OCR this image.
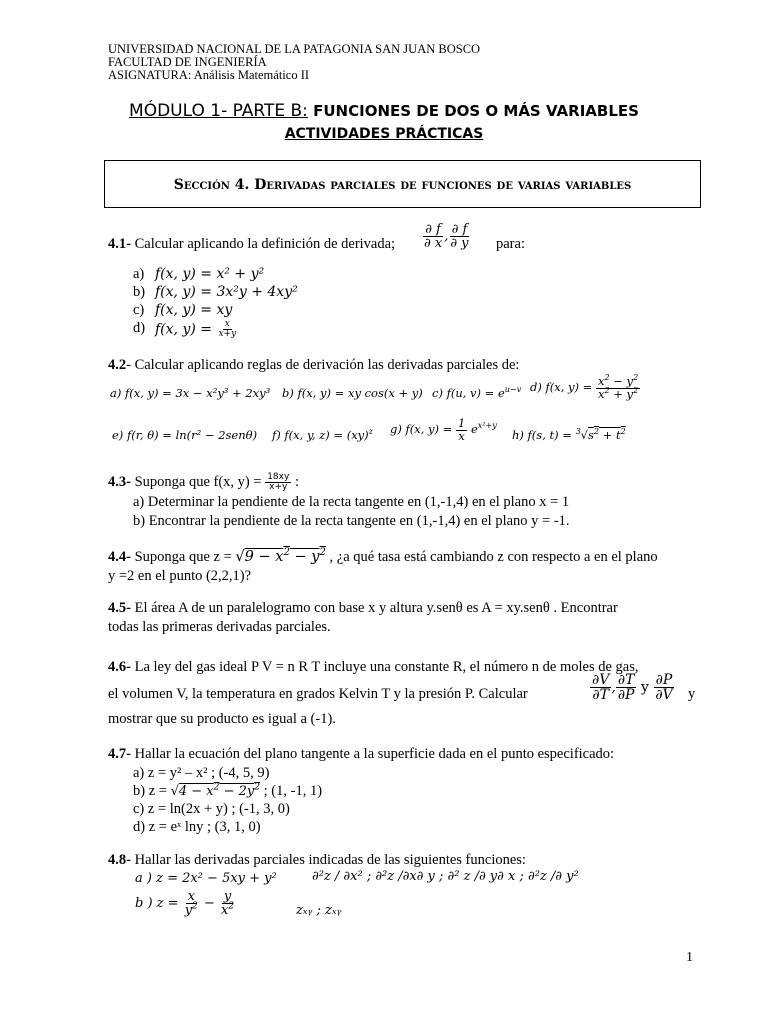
UNIVERSIDAD NACIONAL DE LA PATAGONIA SAN JUAN BOSCO
FACULTAD DE INGENIERÍA
ASIGNATURA: Análisis Matemático II
MÓDULO 1- PARTE B: FUNCIONES DE DOS O MÁS VARIABLES
ACTIVIDADES PRÁCTICAS
Sección 4. Derivadas parciales de funciones de varias variables
4.1- Calcular aplicando la definición de derivada; $\frac{\partial f}{\partial x}$ , $\frac{\partial f}{\partial y}$ para:
a) f(x, y) = x² + y²
b) f(x, y) = 3x²y + 4xy²
c) f(x, y) = xy
d) f(x, $y) = \frac{x}{x+y}$
4.2- Calcular aplicando reglas de derivación las derivadas parciales de:
a) f(x, y) = 3x − x²y³ + 2xy³ b) f(x, y) = xy cos(x + y) c) f(u, $v) = e^{u-v}$ d) f(x, $y) = \frac{x^2 - y^2}{x^2 + y^2}$
e) f(r, θ) = ln(r² − 2senθ) f) f(x, y, z) = (xy)$^z$ g) f(x, $y) = \frac{1}{x} e^{x^2+y}$
h) f(s, $t) = ^3√s^2 + t^2$
4.3- Suponga que f(x, $y) = \frac{18xy}{x+y}$ :
a) Determinar la pendiente de la recta tangente en (1,-1,4) en el plano x = 1
b) Encontrar la pendiente de la recta tangente en (1,-1,4) en el plano y = -1.
4.4- Suponga que $z = √9 - x^2 - y^2$ , ¿a qué tasa está cambiando z con respecto a en el plano
y =2 en el punto (2,2,1)?
4.5- El área A de un paralelogramo con base x y altura y.senθ es A = xy.senθ . Encontrar
todas las primeras derivadas parciales.
4.6- La ley del gas ideal P V = n R T incluye una constante R, el número n de moles de gas,
el volumen V, la temperatura en grados Kelvin T y la presión P. Calcular	$\frac{\partial V}{\partial T}$ , $\frac{\partial T}{\partial P}$ y $\frac{\partial P}{\partial V}$ y
mostrar que su producto es igual a (-1).
4.7- Hallar la ecuación del plano tangente a la superficie dada en el punto especificado:
a) z = y² – x² ; (-4, 5, 9)
b) $z = √4 - x^2 - 2y^2$ ; (1, -1, 1)
c) z = ln(2x + y) ; (-1, 3, 0)
d) z = eˣ lny ; (3, 1, 0)
4.8- Hallar las derivadas parciales indicadas de las siguientes funciones:
a ) z = 2x² − 5xy + y²	∂²z / ∂x² ; ∂²z /∂x∂ y ; ∂² z /∂ y∂ x ; ∂²z /∂ y²
b ) $z = \frac{x}{y^2} - \frac{y}{x^2}$	zₓᵧ ; zₓᵧ
1
